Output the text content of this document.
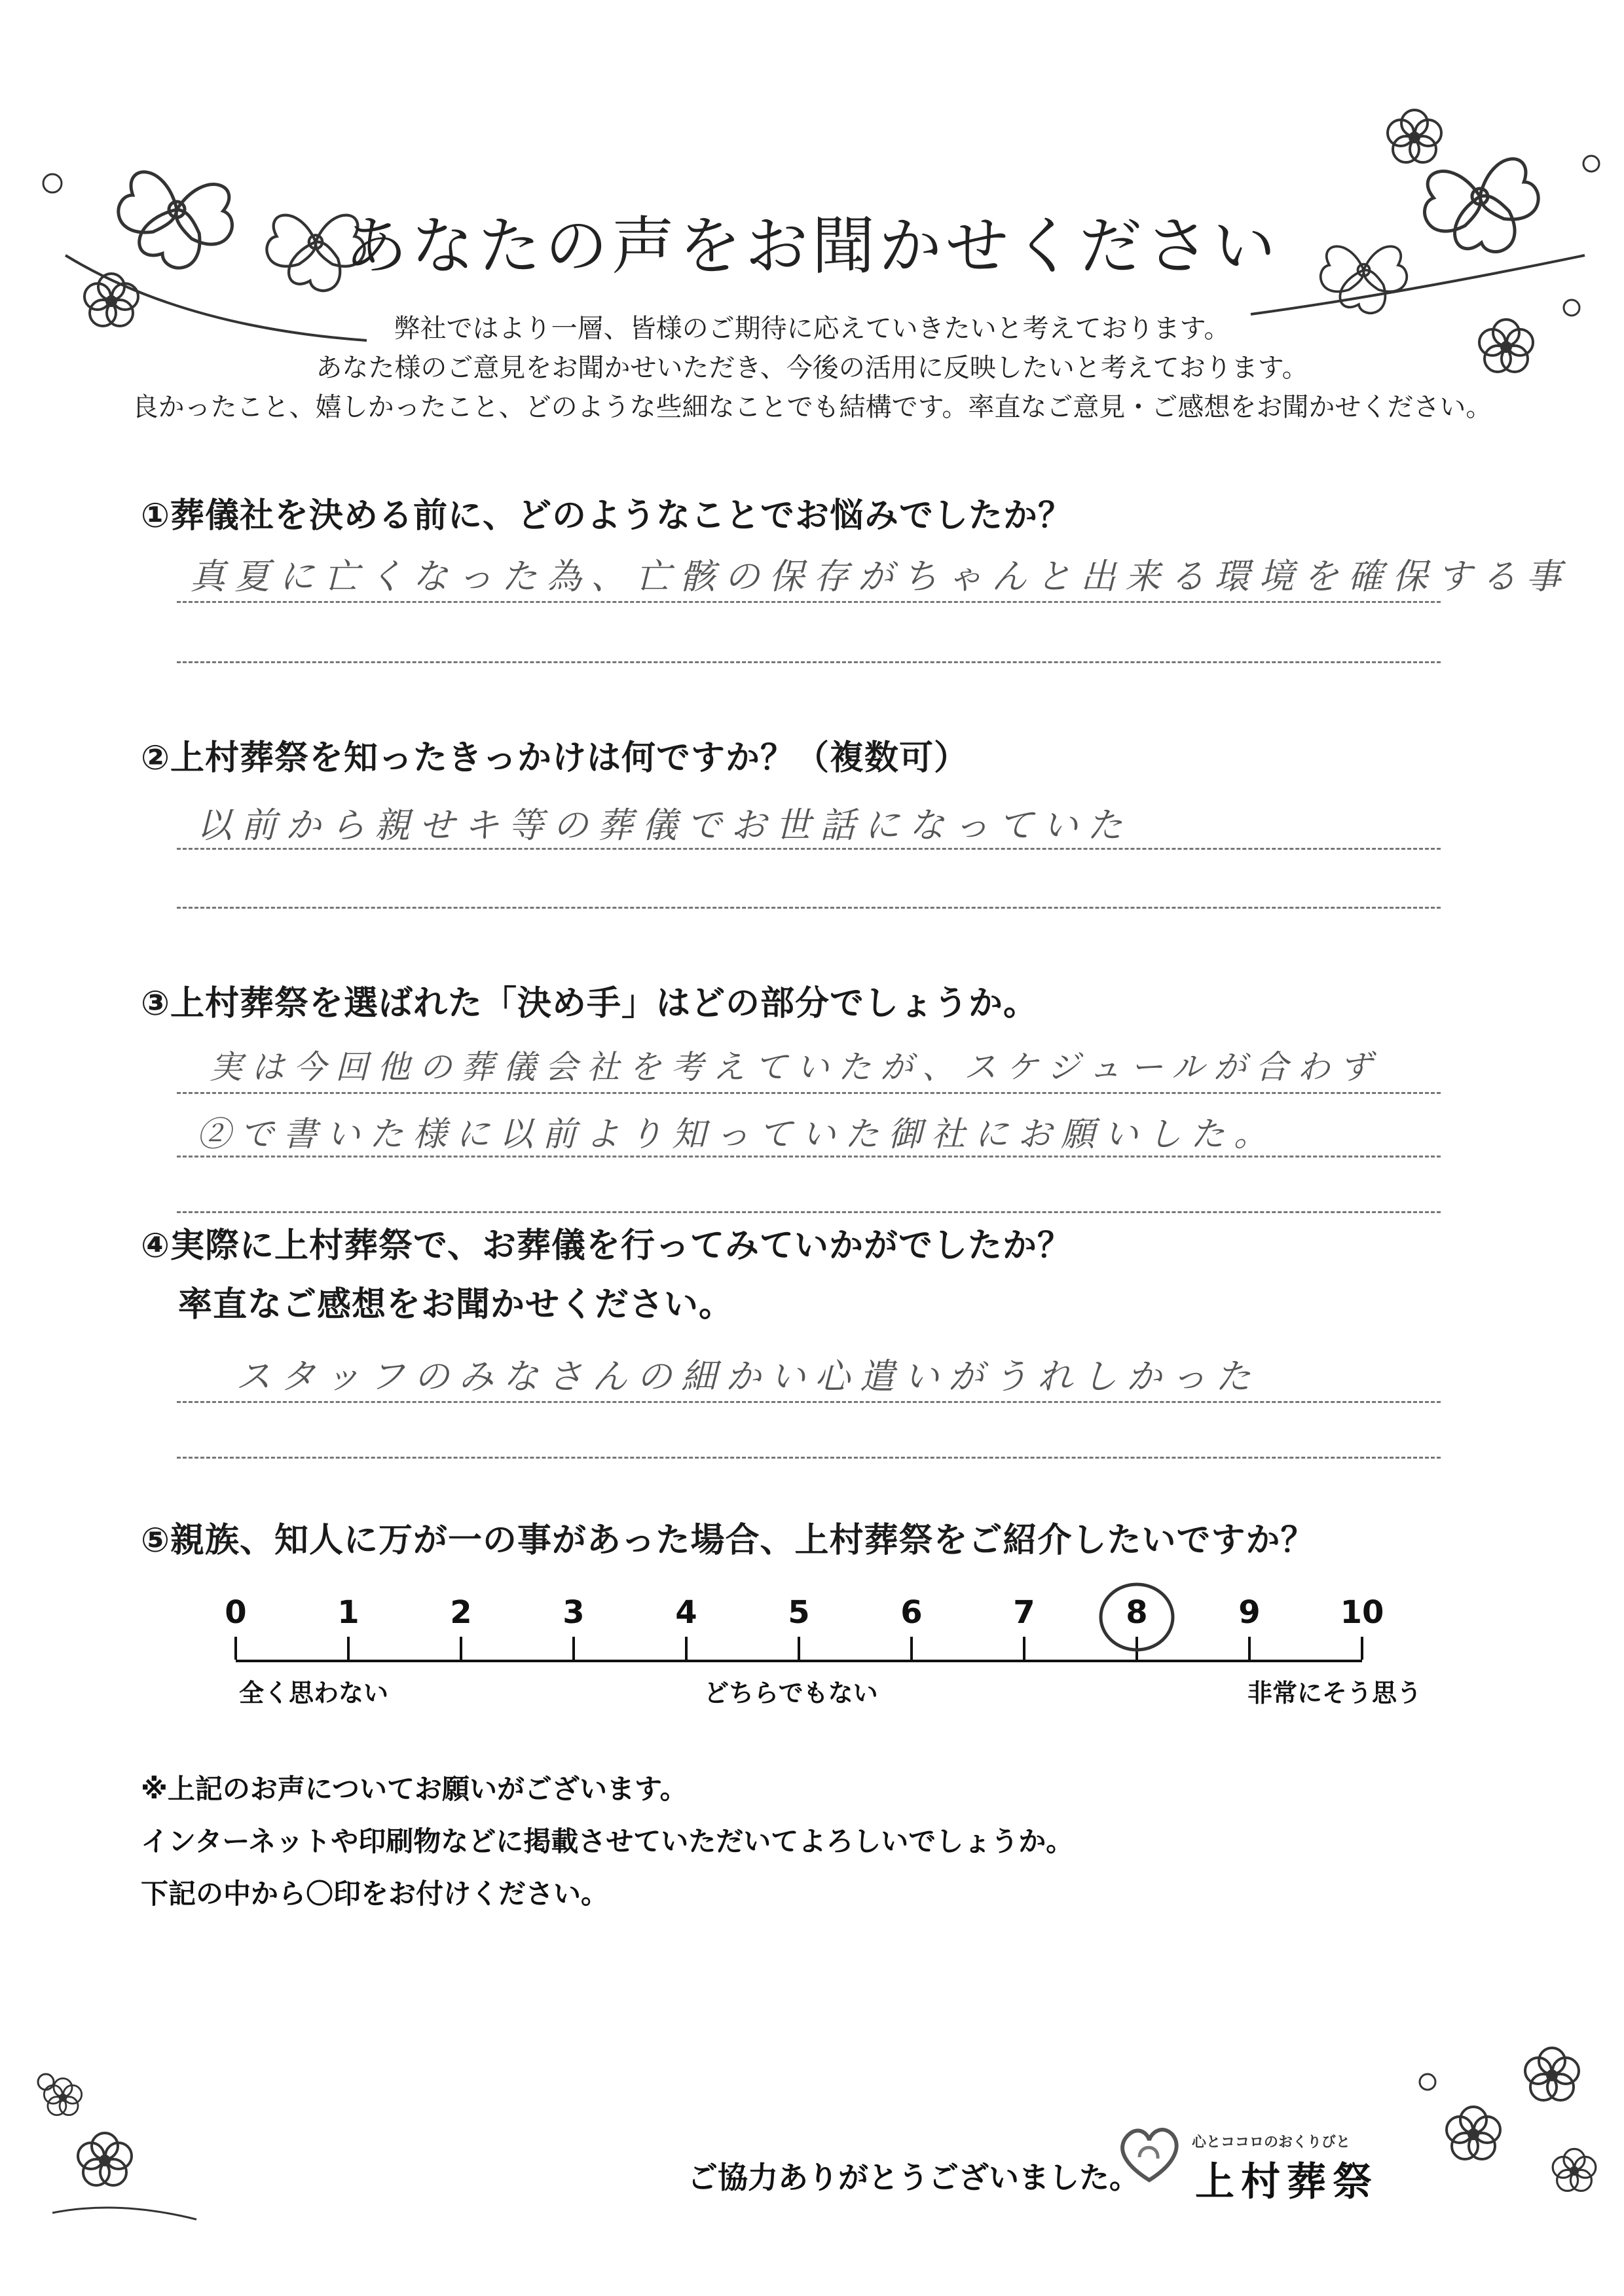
あなたの声をお聞かせください
弊社ではより一層、皆様のご期待に応えていきたいと考えております。
あなた様のご意見をお聞かせいただき、今後の活用に反映したいと考えております。
良かったこと、嬉しかったこと、どのような些細なことでも結構です。率直なご意見・ご感想をお聞かせください。
①葬儀社を決める前に、どのようなことでお悩みでしたか？
真夏に亡くなった為、亡骸の保存がちゃんと出来る環境を確保する事
②上村葬祭を知ったきっかけは何ですか？（複数可）
以前から親せキ等の葬儀でお世話になっていた
③上村葬祭を選ばれた「決め手」はどの部分でしょうか。
実は今回他の葬儀会社を考えていたが、スケジュールが合わず
②で書いた様に以前より知っていた御社にお願いした。
④実際に上村葬祭で、お葬儀を行ってみていかがでしたか？
率直なご感想をお聞かせください。
スタッフのみなさんの細かい心遣いがうれしかった
⑤親族、知人に万が一の事があった場合、上村葬祭をご紹介したいですか？
0	1	2	3	4	5	6	7	8	9	10
全く思わない	どちらでもない	非常にそう思う
※上記のお声についてお願いがございます。
インターネットや印刷物などに掲載させていただいてよろしいでしょうか。
下記の中から〇印をお付けください。
ご協力ありがとうございました。
心とココロのおくりびと
上村葬祭
